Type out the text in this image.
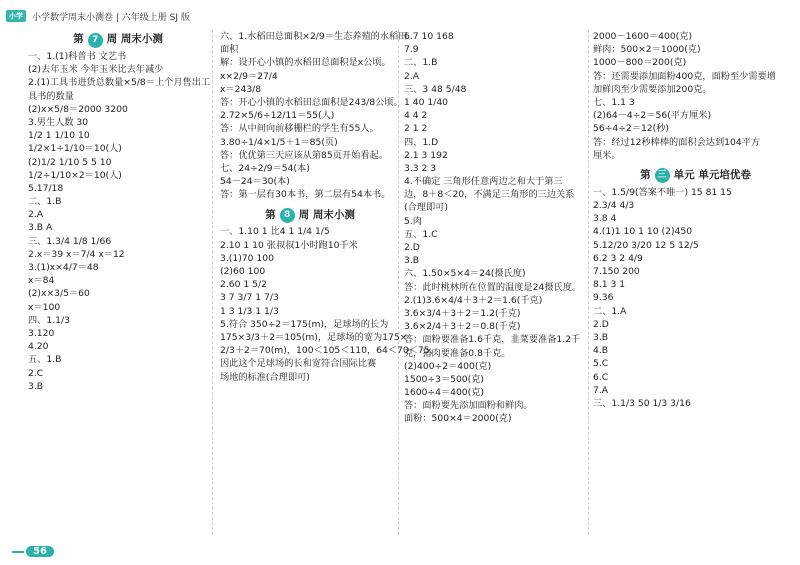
小学	小学数学周末小测卷 | 六年级上册 SJ 版
第 7 周 周末小测
一、1.(1)科普书 文艺书
(2)去年玉米 今年玉米比去年减少
2.(1)工具书进货总数量×5/8＝上个月售出工
具书的数量
(2)x×5/8＝2000 3200
3.男生人数 30
1/2 1 1/10 10
1/2×1÷1/10＝10(人)
(2)1/2 1/10 5 5 10
1/2÷1/10×2＝10(人)
5.17/18
二、1.B
2.A
3.B A
三、1.3/4 1/8 1/66
2.x＝39 x＝7/4 x＝12
3.(1)x×4/7＝48
x＝84
(2)x×3/5＝60
x＝100
四、1.1/3
3.120
4.20
五、1.B
2.C
3.B
六、1.水稻田总面积×2/9＝生态养殖的水稻田
面积
解：设开心小镇的水稻田总面积是x公顷。
x×2/9＝27/4
x＝243/8
答：开心小镇的水稻田总面积是243/8公顷。
2.72×5/6÷12/11＝55(人)
答：从中间向前移栅栏的学生有55人。
3.80÷1/4×1/5＋1＝85(页)
答：优优第三天应该从第85页开始看起。
七、24÷2/9＝54(本)
54－24＝30(本)
答：第一层有30本书，第二层有54本书。
第 8 周 周末小测
一、1.10 1 比4 1 1/4 1/5
2.10 1 10 张叔叔1小时跑10千米
3.(1)70 100
(2)60 100
2.60 1 5/2
3 7 3/7 1 7/3
1 3 1/3 1 1/3
5.符合 350÷2＝175(m)，足球场的长为
175×3/3＋2＝105(m)，足球场的宽为175×
2/3＋2＝70(m)，100＜105＜110，64＜70＜75，
因此这个足球场的长和宽符合国际比赛
场地的标准(合理即可)
6.7 10 168
7.9
二、1.B
2.A
三、3 48 5/48
1 40 1/40
4 4 2
2 1 2
四、1.D
2.1 3 192
3.3 2 3
4.不确定 三角形任意两边之和大于第三
边，8＋8＜20，不满足三角形的三边关系
(合理即可)
5.肉
五、1.C
2.D
3.B
六、1.50×5×4＝24(摄氏度)
答：此时桃林所在位置的温度是24摄氏度。
2.(1)3.6×4/4＋3＋2＝1.6(千克)
3.6×3/4＋3＋2＝1.2(千克)
3.6×2/4＋3＋2＝0.8(千克)
答：面粉要准备1.6千克，韭菜要准备1.2千
克，猪肉要准备0.8千克。
(2)400÷2＝400(克)
1500÷3＝500(克)
1600÷4＝400(克)
答：面粉要先添加面粉和鲜肉。
面粉：500×4＝2000(克)
2000－1600＝400(克)
鲜肉：500×2＝1000(克)
1000－800＝200(克)
答：还需要添加面粉400克，面粉至少需要增
加鲜肉至少需要添加200克。
七、1.1 3
(2)64－4÷2＝56(平方厘米)
56÷4÷2＝12(秒)
答：经过12秒棒棒的面积会达到104平方
厘米。
第 三 单元 单元培优卷
一、1.5/9(答案不唯一) 15 81 15
2.3/4 4/3
3.8 4
4.(1)1 10 1 10 (2)450
5.12/20 3/20 12 5 12/5
6.2 3 2 4/9
7.150 200
8.1 3 1
9.36
二、1.A
2.D
3.B
4.B
5.C
6.C
7.A
三、1.1/3 50 1/3 3/16
56
